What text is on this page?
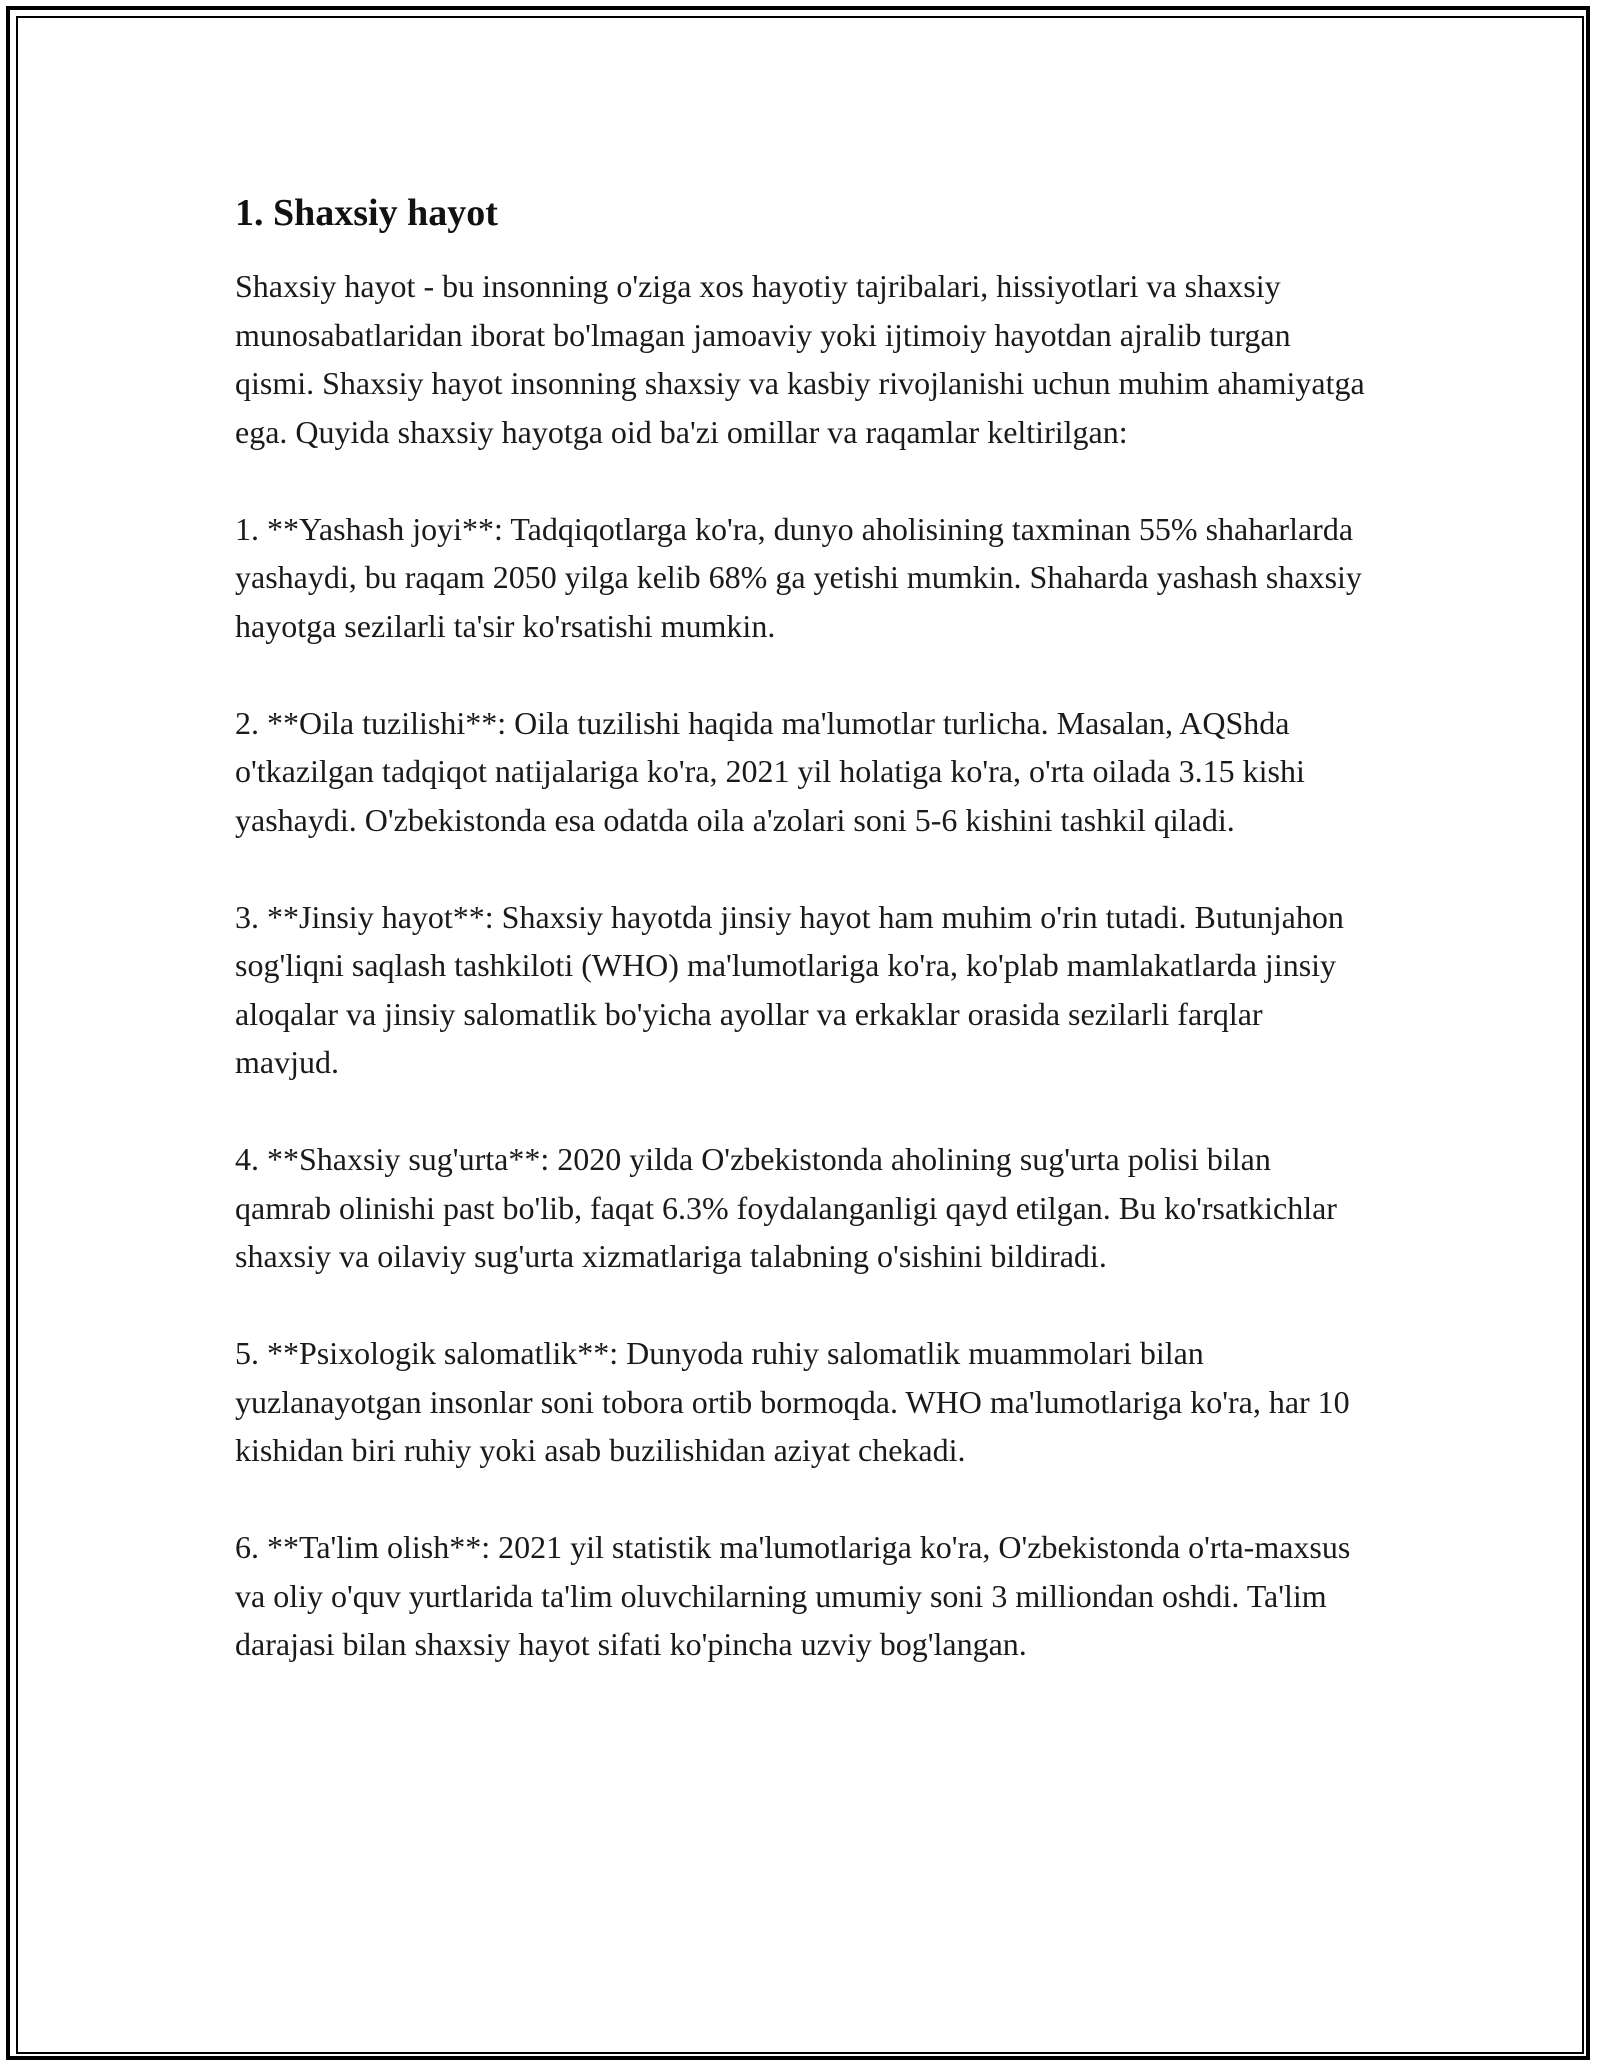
1. Shaxsiy hayot

Shaxsiy hayot - bu insonning o'ziga xos hayotiy tajribalari, hissiyotlari va shaxsiy munosabatlaridan iborat bo'lmagan jamoaviy yoki ijtimoiy hayotdan ajralib turgan qismi. Shaxsiy hayot insonning shaxsiy va kasbiy rivojlanishi uchun muhim ahamiyatga ega. Quyida shaxsiy hayotga oid ba'zi omillar va raqamlar keltirilgan:

1. **Yashash joyi**: Tadqiqotlarga ko'ra, dunyo aholisining taxminan 55% shaharlarda yashaydi, bu raqam 2050 yilga kelib 68% ga yetishi mumkin. Shaharda yashash shaxsiy hayotga sezilarli ta'sir ko'rsatishi mumkin.

2. **Oila tuzilishi**: Oila tuzilishi haqida ma'lumotlar turlicha. Masalan, AQShda o'tkazilgan tadqiqot natijalariga ko'ra, 2021 yil holatiga ko'ra, o'rta oilada 3.15 kishi yashaydi. O'zbekistonda esa odatda oila a'zolari soni 5-6 kishini tashkil qiladi.

3. **Jinsiy hayot**: Shaxsiy hayotda jinsiy hayot ham muhim o'rin tutadi. Butunjahon sog'liqni saqlash tashkiloti (WHO) ma'lumotlariga ko'ra, ko'plab mamlakatlarda jinsiy aloqalar va jinsiy salomatlik bo'yicha ayollar va erkaklar orasida sezilarli farqlar mavjud.

4. **Shaxsiy sug'urta**: 2020 yilda O'zbekistonda aholining sug'urta polisi bilan qamrab olinishi past bo'lib, faqat 6.3% foydalanganligi qayd etilgan. Bu ko'rsatkichlar shaxsiy va oilaviy sug'urta xizmatlariga talabning o'sishini bildiradi.

5. **Psixologik salomatlik**: Dunyoda ruhiy salomatlik muammolari bilan yuzlanayotgan insonlar soni tobora ortib bormoqda. WHO ma'lumotlariga ko'ra, har 10 kishidan biri ruhiy yoki asab buzilishidan aziyat chekadi.

6. **Ta'lim olish**: 2021 yil statistik ma'lumotlariga ko'ra, O'zbekistonda o'rta-maxsus va oliy o'quv yurtlarida ta'lim oluvchilarning umumiy soni 3 milliondan oshdi. Ta'lim darajasi bilan shaxsiy hayot sifati ko'pincha uzviy bog'langan.
